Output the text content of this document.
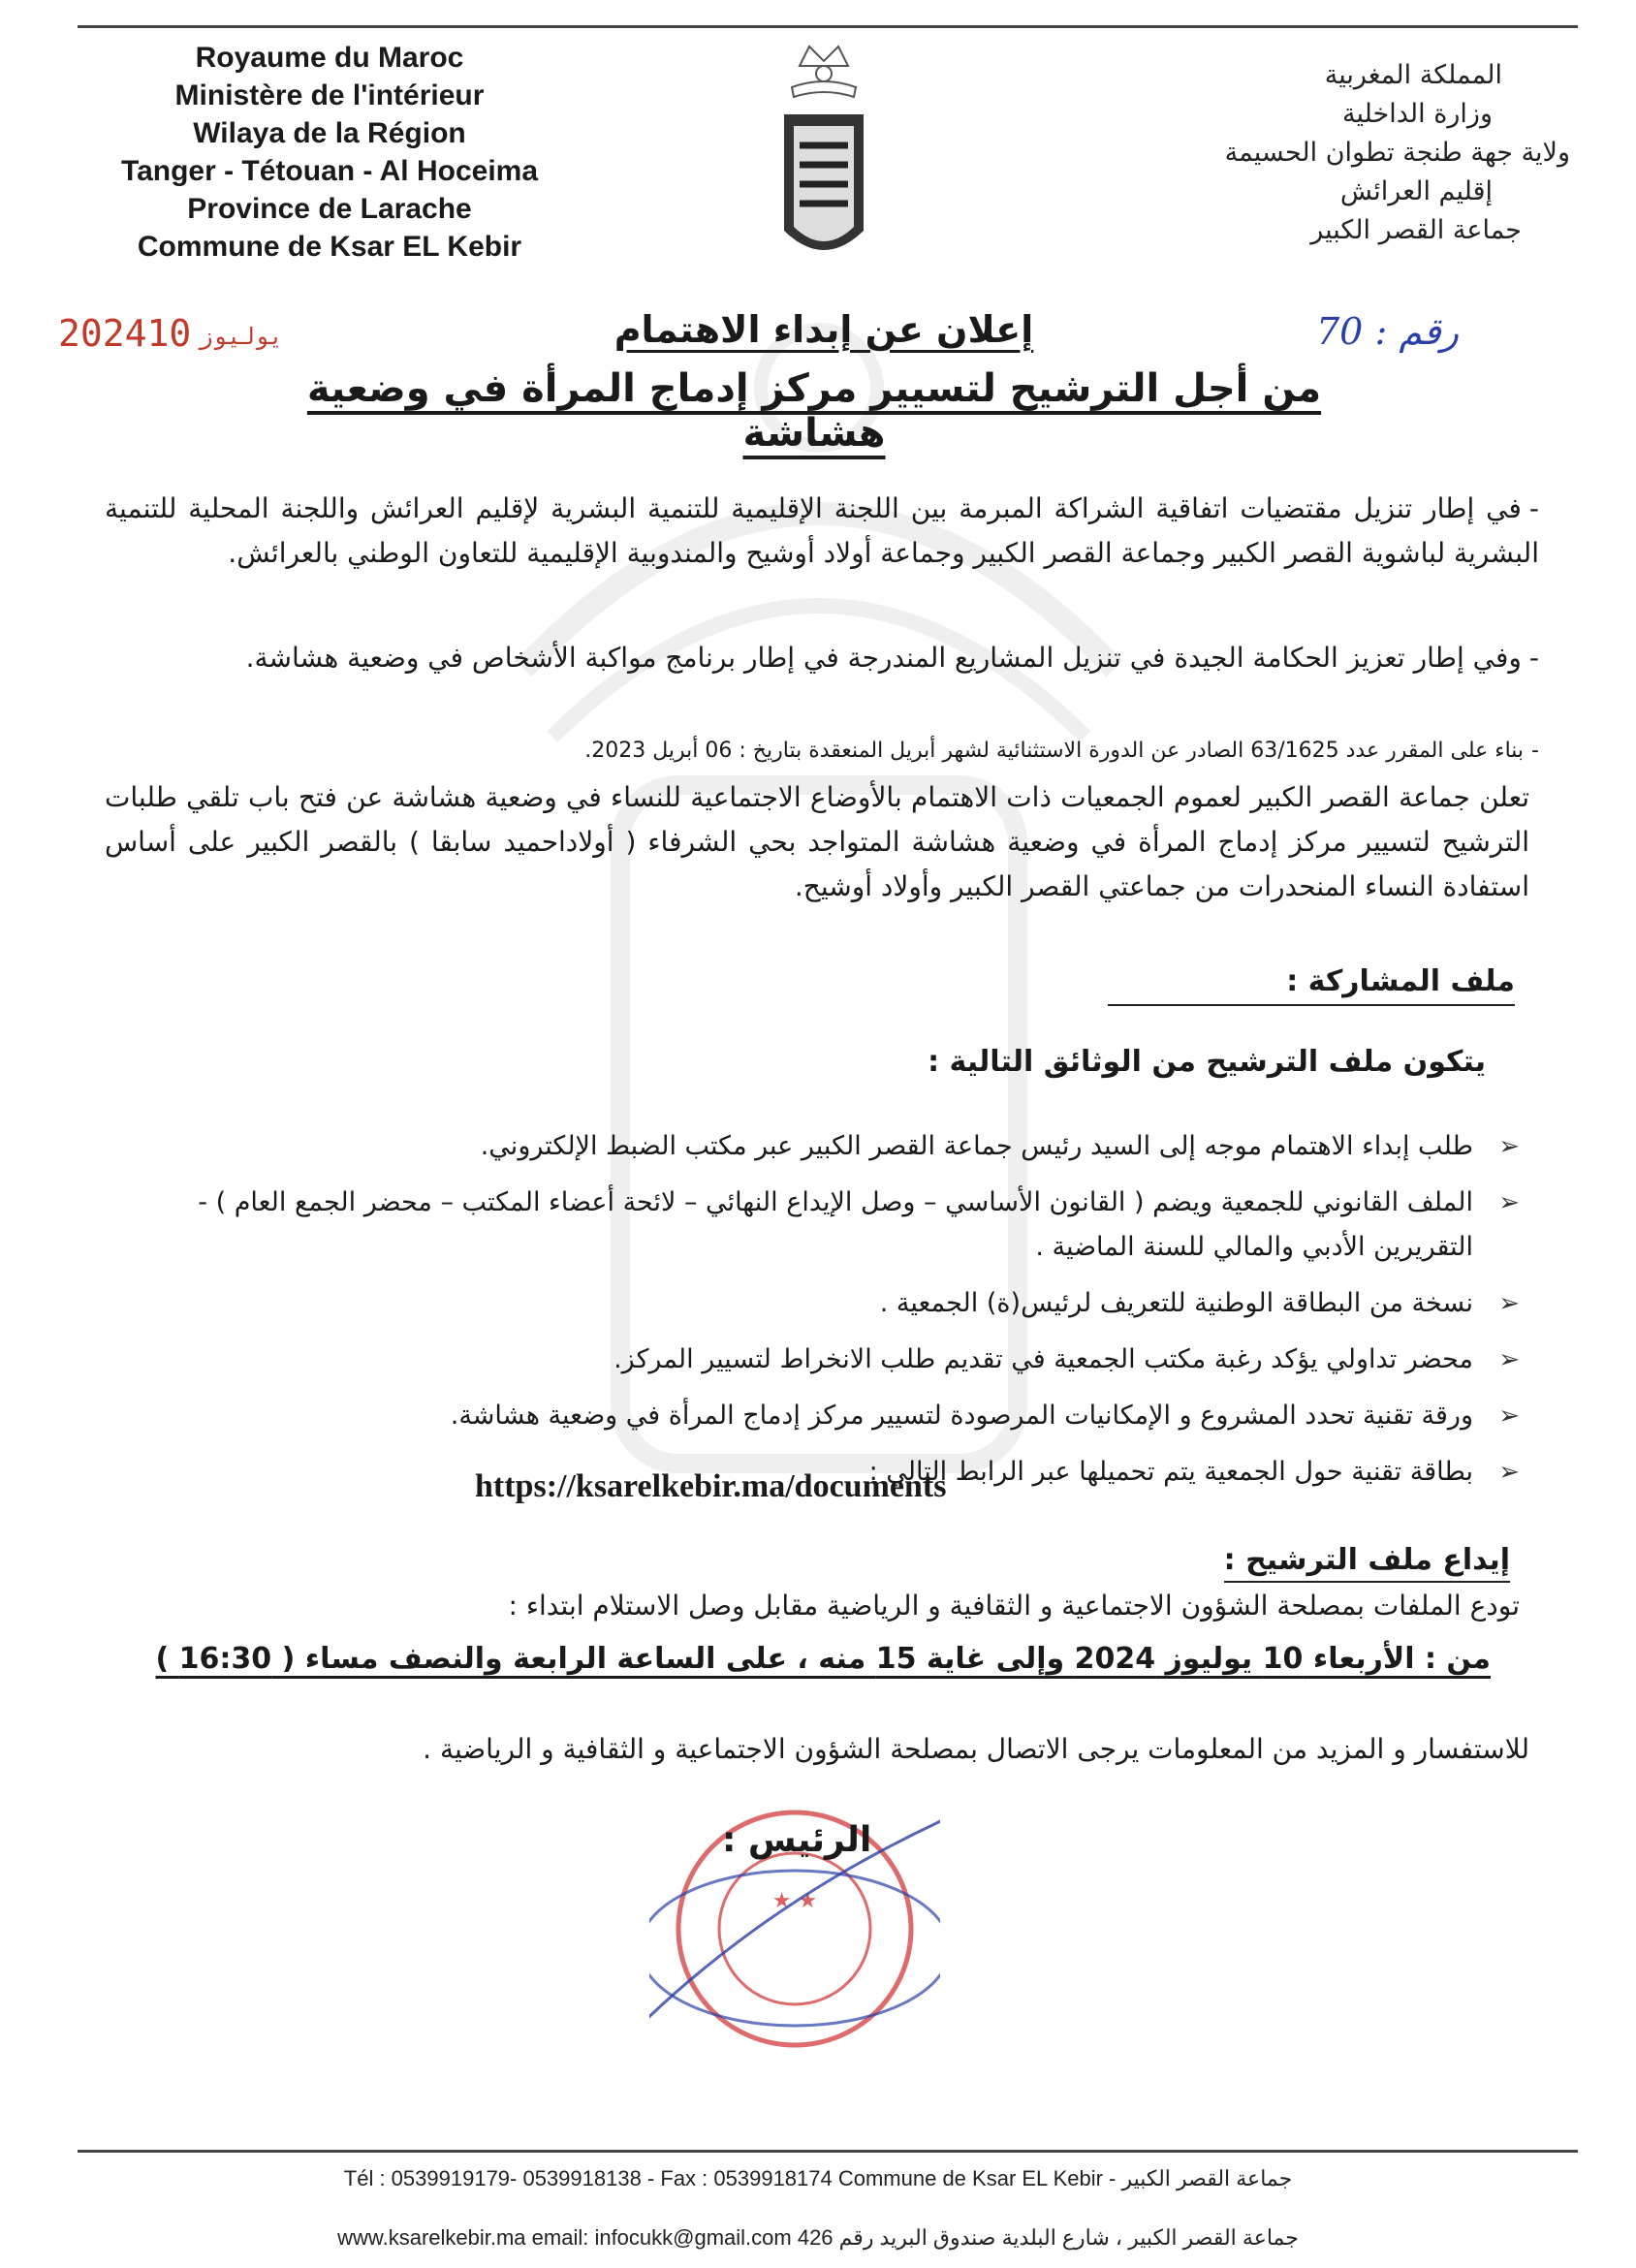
Royaume du Maroc
Ministère de l'intérieur
Wilaya de la Région
Tanger - Tétouan - Al Hoceima
Province de Larache
Commune de Ksar EL Kebir
المملكة المغربية
وزارة الداخلية
ولاية جهة طنجة تطوان الحسيمة
إقليم العرائش
جماعة القصر الكبير
2024 يوليوز10	رقم : 70
إعلان عن إبداء الاهتمام
من أجل الترشيح لتسيير مركز إدماج المرأة في وضعية هشاشة
-في إطار تنزيل مقتضيات اتفاقية الشراكة المبرمة بين اللجنة الإقليمية للتنمية البشرية لإقليم العرائش واللجنة المحلية للتنمية البشرية لباشوية القصر الكبير وجماعة القصر الكبير وجماعة أولاد أوشيح والمندوبية الإقليمية للتعاون الوطني بالعرائش.
-وفي إطار تعزيز الحكامة الجيدة في تنزيل المشاريع المندرجة في إطار برنامج مواكبة الأشخاص في وضعية هشاشة.
-بناء على المقرر عدد 63/1625 الصادر عن الدورة الاستثنائية لشهر أبريل المنعقدة بتاريخ : 06 أبريل 2023.
تعلن جماعة القصر الكبير لعموم الجمعيات ذات الاهتمام بالأوضاع الاجتماعية للنساء في وضعية هشاشة عن فتح باب تلقي طلبات الترشيح لتسيير مركز إدماج المرأة في وضعية هشاشة المتواجد بحي الشرفاء ( أولاداحميد سابقا ) بالقصر الكبير على أساس استفادة النساء المنحدرات من جماعتي القصر الكبير وأولاد أوشيح.
ملف المشاركة :
يتكون ملف الترشيح من الوثائق التالية :
➢
طلب إبداء الاهتمام موجه إلى السيد رئيس جماعة القصر الكبير عبر مكتب الضبط الإلكتروني.
➢
الملف القانوني للجمعية ويضم ( القانون الأساسي – وصل الإيداع النهائي – لائحة أعضاء المكتب – محضر الجمع العام ) - التقريرين الأدبي والمالي للسنة الماضية .
➢
نسخة من البطاقة الوطنية للتعريف لرئيس(ة) الجمعية .
➢
محضر تداولي يؤكد رغبة مكتب الجمعية في تقديم طلب الانخراط لتسيير المركز.
➢
ورقة تقنية تحدد المشروع و الإمكانيات المرصودة لتسيير مركز إدماج المرأة في وضعية هشاشة.
➢
بطاقة تقنية حول الجمعية يتم تحميلها عبر الرابط التالي :
https://ksarelkebir.ma/documents
إيداع ملف الترشيح :
تودع الملفات بمصلحة الشؤون الاجتماعية و الثقافية و الرياضية مقابل وصل الاستلام ابتداء :
من : الأربعاء 10 يوليوز 2024 وإلى غاية 15 منه ، على الساعة الرابعة والنصف مساء ( 16:30 )
للاستفسار و المزيد من المعلومات يرجى الاتصال بمصلحة الشؤون الاجتماعية و الثقافية و الرياضية .
★ ★
الرئيس :
Tél : 0539919179- 0539918138 - Fax : 0539918174 Commune de Ksar EL Kebir - جماعة القصر الكبير
www.ksarelkebir.ma email: infocukk@gmail.com 426 جماعة القصر الكبير ، شارع البلدية صندوق البريد رقم
